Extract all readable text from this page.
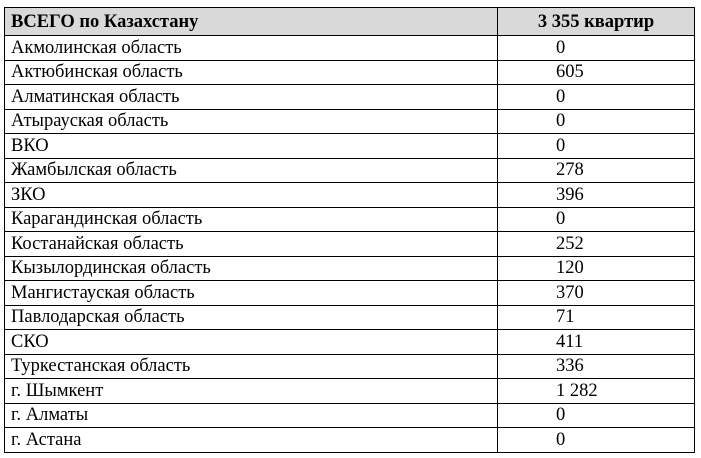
ВСЕГО по Казахстану	3 355 квартир
Акмолинская область	0
Актюбинская область	605
Алматинская область	0
Атырауская область	0
ВКО	0
Жамбылская область	278
ЗКО	396
Карагандинская область	0
Костанайская область	252
Кызылординская область	120
Мангистауская область	370
Павлодарская область	71
СКО	411
Туркестанская область	336
г. Шымкент	1 282
г. Алматы	0
г. Астана	0
